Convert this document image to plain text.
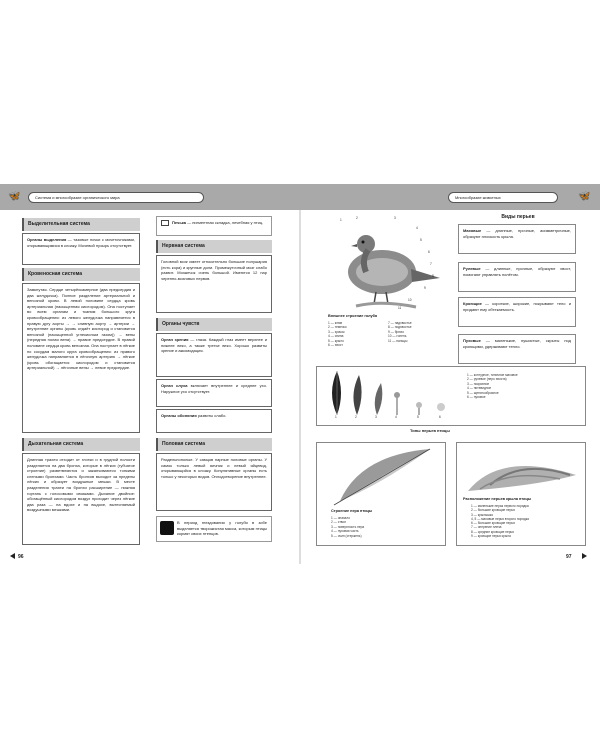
🦋	Система и многообразие органического мира	Многообразие животных	🦋
Выделительная система
Органы выделения — тазовые почки с мочеточниками, открывающимися в клоаку. Мочевой пузырь отсутствует.
Кровеносная система
Замкнутая. Сердце четырёхкамерное (два предсердия и два желудочка). Полное разделение артериальной и венозной крови. В левой половине сердца кровь артериальная (насыщенная кислородом). Она поступает во всем органам и тканям большого круга кровообращения: из левого желудочка направляется в правую дугу аорты → → сливную аорту → артерии → внутренние органы (кровь отдаёт кислород и становится венозной (насыщенной углекислым газом)) → вены (передняя полая вена) → правое предсердие. В правой половине сердца кровь венозная. Она поступает в лёгкие по сосудам малого круга кровообращения: из правого желудочка направляется в лёгочную артерию → лёгкие (кровь обогащается кислородом и становится артериальной) → лёгочные вены → левое предсердие.
Дыхательная система
Длинная трахея отходит от глотки и в грудной полости разделяется на два бронха, которые в лёгких (губчатое строение) разветвляются и заканчиваются тонкими слепыми бронхами. Часть бронхов выходит за пределы лёгких и образует воздушные мешки. В месте разделения трахеи на бронхи расширение — нижняя гортань с голосовыми связками. Дыхание двойное: обогащённый кислородом воздух проходит через лёгкие два раза — на вдохе и на выдохе, вытесняемый воздушными мешками.
Печька — пигментная складка, лечебная у птиц.
Нервная система
Головной мозг имеет относительно большие полушария (есть кора) и крупные доли. Промежуточный мозг слабо развит. Мозжечок очень большой. Имеются 12 пар черепно-мозговых нервов.
Органы чувств
Орган зрения — глаза. Каждый глаз имеет верхнее и нижнее веко, а также третье веко. Хорошо развиты зрение и аккомодация.
Орган слуха включает внутреннее и среднее ухо. Наружное ухо отсутствует.
Органы обоняния развиты слабо.
Половая система
Раздельнополые. У самцов парные половые органы. У самок только левый яичник и левый яйцевод, открывающийся в клоаку. Копулятивные органы есть только у некоторых видов. Оплодотворение внутреннее.
В период гнездования у голубя в зобе выделяется творожистая масса, которым птицы кормят своих птенцов.
96
1	2	3
4
5
6
7
8
9
10
11
Внешнее строение голубя
1 — клюв
2 — темечко
3 — зрачок
4 — спина
5 — крыло
6 — хвост
7 — надхвостье
8 — подхвостье
9 — брюхо
10 — голень
11 — пальцы
Виды перьев
Маховые — длинные, прочные, асимметричные, образуют плоскость крыла.
Рулевые — длинные, прочные, образуют хвост, помогают управлять полётом.
Кроющие — короткие, широкие, покрывают тело и придают ему обтекаемость.
Пуховые — маленькие, пушистые, скрыты под кроющими, удерживают тепло.
1	2	3	4	5	6
1 — контурное, типичное маховое
2 — рулевое (перо хвоста)
3 — покровное
4 — нитевидное
5 — щетинообразное
6 — пуховое
Типы перьев птицы
Строение пера птицы
1 — опахало
2 — ствол
3 — поверхность пера
4 — пуховая часть
5 — очин (стержень)
Расположение перьев крыла птицы
1 — маленькие перья первого порядка
2 — большие кроющие перья
3 — крылышко
4, 5 — маховые перья второго порядка
6 — большие кроющие перья
7 — оперение плеча
8 — средние кроющие перья
9 — кроющие перья крыла
97
